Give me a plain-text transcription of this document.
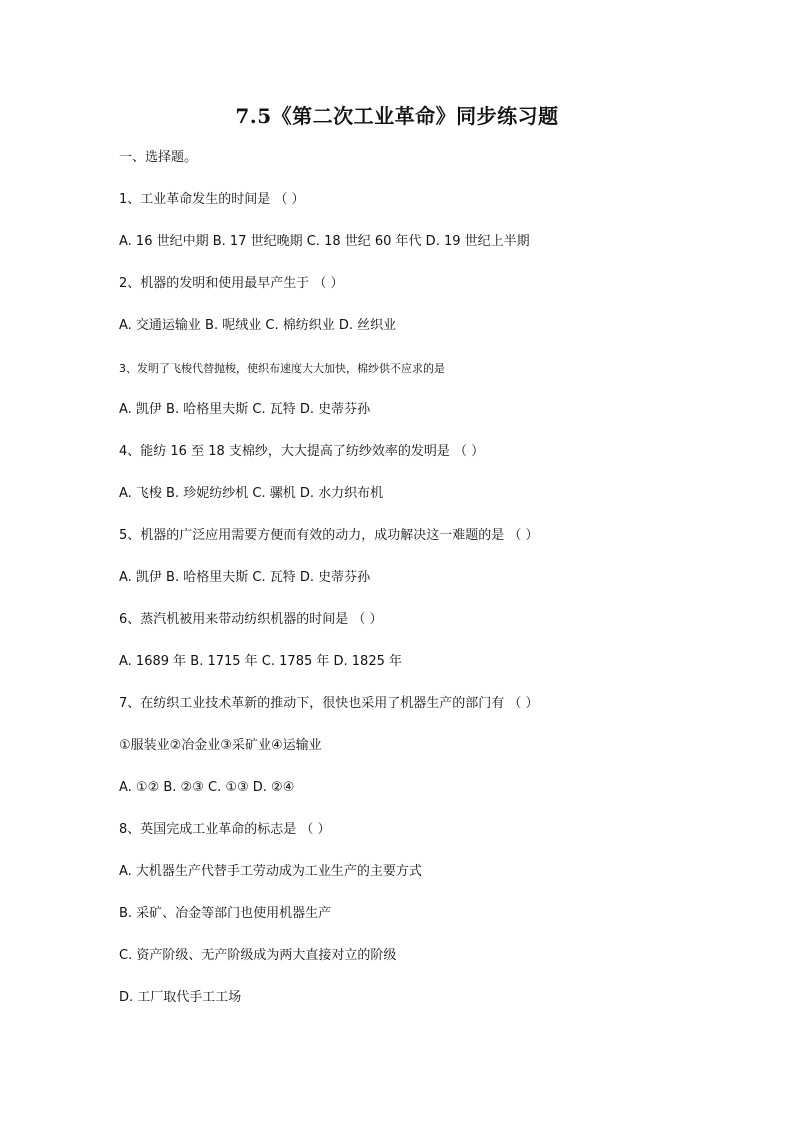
7.5《第二次工业革命》同步练习题
一、选择题。
1、工业革命发生的时间是 （ ）
A. 16 世纪中期 B. 17 世纪晚期 C. 18 世纪 60 年代 D. 19 世纪上半期
2、机器的发明和使用最早产生于 （ ）
A. 交通运输业 B. 呢绒业 C. 棉纺织业 D. 丝织业
3、发明了飞梭代替抛梭，使织布速度大大加快，棉纱供不应求的是
A. 凯伊 B. 哈格里夫斯 C. 瓦特 D. 史蒂芬孙
4、能纺 16 至 18 支棉纱，大大提高了纺纱效率的发明是 （ ）
A. 飞梭 B. 珍妮纺纱机 C. 骡机 D. 水力织布机
5、机器的广泛应用需要方便而有效的动力，成功解决这一难题的是 （ ）
A. 凯伊 B. 哈格里夫斯 C. 瓦特 D. 史蒂芬孙
6、蒸汽机被用来带动纺织机器的时间是 （ ）
A. 1689 年 B. 1715 年 C. 1785 年 D. 1825 年
7、在纺织工业技术革新的推动下，很快也采用了机器生产的部门有 （ ）
①服装业②冶金业③采矿业④运输业
A. ①② B. ②③ C. ①③ D. ②④
8、英国完成工业革命的标志是 （ ）
A. 大机器生产代替手工劳动成为工业生产的主要方式
B. 采矿、冶金等部门也使用机器生产
C. 资产阶级、无产阶级成为两大直接对立的阶级
D. 工厂取代手工工场
